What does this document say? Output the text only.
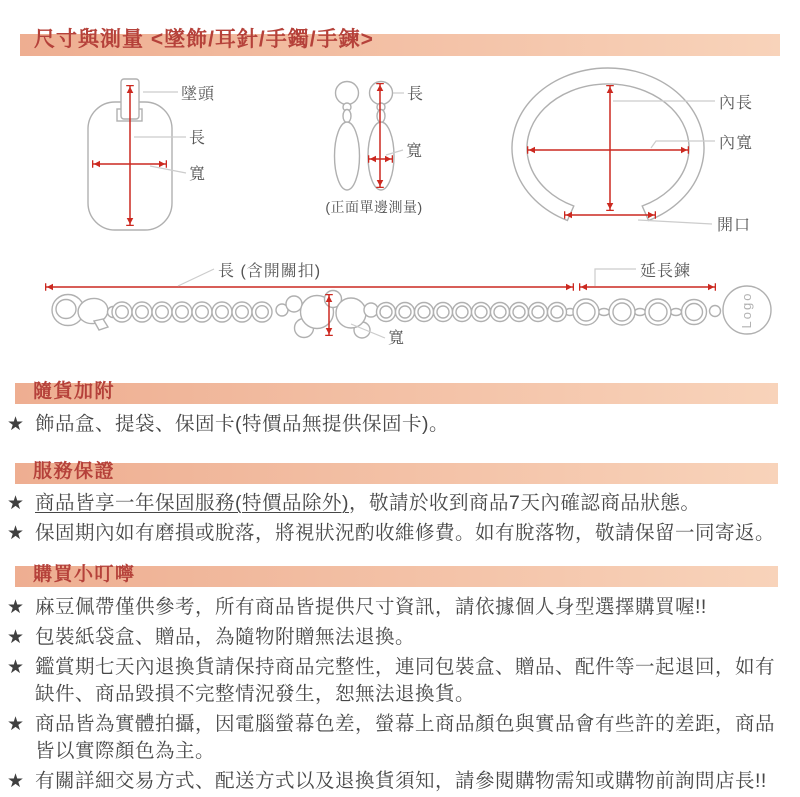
尺寸與測量 <墜飾/耳針/手鐲/手鍊>
墜頭
長
寬
長
寬
(正面單邊測量)
內長
內寬
開口
Logo
長 (含開關扣)	延長鍊
寬
隨貨加附
★ 飾品盒、提袋、保固卡(特價品無提供保固卡)。
服務保證
★ 商品皆享一年保固服務(特價品除外)，敬請於收到商品7天內確認商品狀態。
★ 保固期內如有磨損或脫落，將視狀況酌收維修費。如有脫落物，敬請保留一同寄返。
購買小叮嚀
★ 麻豆佩帶僅供參考，所有商品皆提供尺寸資訊，請依據個人身型選擇購買喔!!
★ 包裝紙袋盒、贈品，為隨物附贈無法退換。
★ 鑑賞期七天內退換貨請保持商品完整性，連同包裝盒、贈品、配件等一起退回，如有缺件、商品毀損不完整情況發生，恕無法退換貨。
★ 商品皆為實體拍攝，因電腦螢幕色差，螢幕上商品顏色與實品會有些許的差距，商品皆以實際顏色為主。
★ 有關詳細交易方式、配送方式以及退換貨須知，請參閱購物需知或購物前詢問店長!!
